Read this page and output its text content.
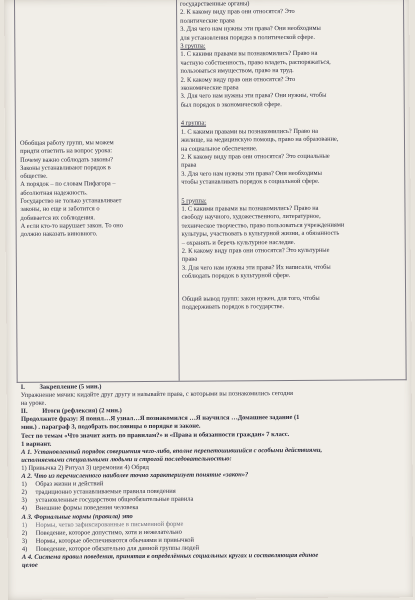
Обобщая работу групп, мы можем

придти ответить на вопрос урока:

Почему важно соблюдать законы?

Законы устанавливают порядок в

обществе.

А порядок – по словам Пифагора –

абсолютная надежность.

Государство не только устанавливает

законы, но еще и заботится о

добивается их соблюдения.

А если кто-то нарушает закон. То оно

должно наказать виновного.

государственные органы)

2. К какому виду прав они относятся? Это

политические права

3. Для чего нам нужны эти права? Они необходимы

для установления порядка в политической сфере.

3 группа:

1. С какими правами вы познакомились? Право на

частную собственность, право владеть, распоряжаться,

пользоваться имуществом, право на труд.

2. К какому виду прав они относятся? Это

экономические права

3. Для чего нам нужны эти права? Они нужны, чтобы

был порядок в экономической сфере.

4 группа:

1. С какими правами вы познакомились? Право на

жилище, на медицинскую помощь, право на образование,

на социальное обеспечение.

2. К какому виду прав они относятся? Это социальные

права

3. Для чего нам нужны эти права? Они необходимы

чтобы устанавливать порядок в социальной сфере.

5 группа:

1. С какими правами вы познакомились? Право на

свободу научного, художественного, литературное,

техническое творчество, право пользоваться учреждениями

культуры, участвовать в культурной жизни, а обязанность

– охранять и беречь культурное наследие.

2. К какому виду прав они относятся? Это культурные

права

3. Для чего нам нужны эти права? Их написали, чтобы

соблюдать порядок в культурной сфере.

Общий вывод групп: закон нужен, для того, чтобы

поддерживать порядок в государстве.

I. Закрепление (5 мин.)

Упражнение мячик: кидайте друг другу и называйте права, с которыми вы познакомились сегодня

на уроке.

II. Итоги (рефлексия) (2 мин.)

Продолжите фразу: Я понял…Я узнал…Я познакомился …Я научился …Домашнее задание (1

мин.) . параграф 3, подобрать пословицы о порядке и законе.

Тест по темам «Что значит жить по правилам?» и «Права и обязанности граждан» 7 класс.

1 вариант.

А 1. Установленный порядок совершения чего-либо, вполне перепетошившийся с особыми действиями,

исполняемыми специальными людьми и строгой последовательностью:

1) Привычка 2) Ритуал 3) церемония 4) Обряд

А 2. Что из перечисленного наиболее точно характеризует понятие «закон»?

1)	Образ жизни и действий
2)	традиционно устанавливаемые правила поведения
3)	установленные государством общеобязательные правила
4)	Внешние формы поведения человека

А 3. Формальные нормы (правила) это

1)	Нормы, четко зафиксированные в письменной форме
2)	Поведение, которое допустимо, хотя и нежелательно
3)	Нормы, которые обеспечиваются обычаями и привычкой
4)	Поведение, которое обязательно для данной группы людей

А 4. Система правил поведения, принятая в определённых социальных кругах и составляющая единое

целое
